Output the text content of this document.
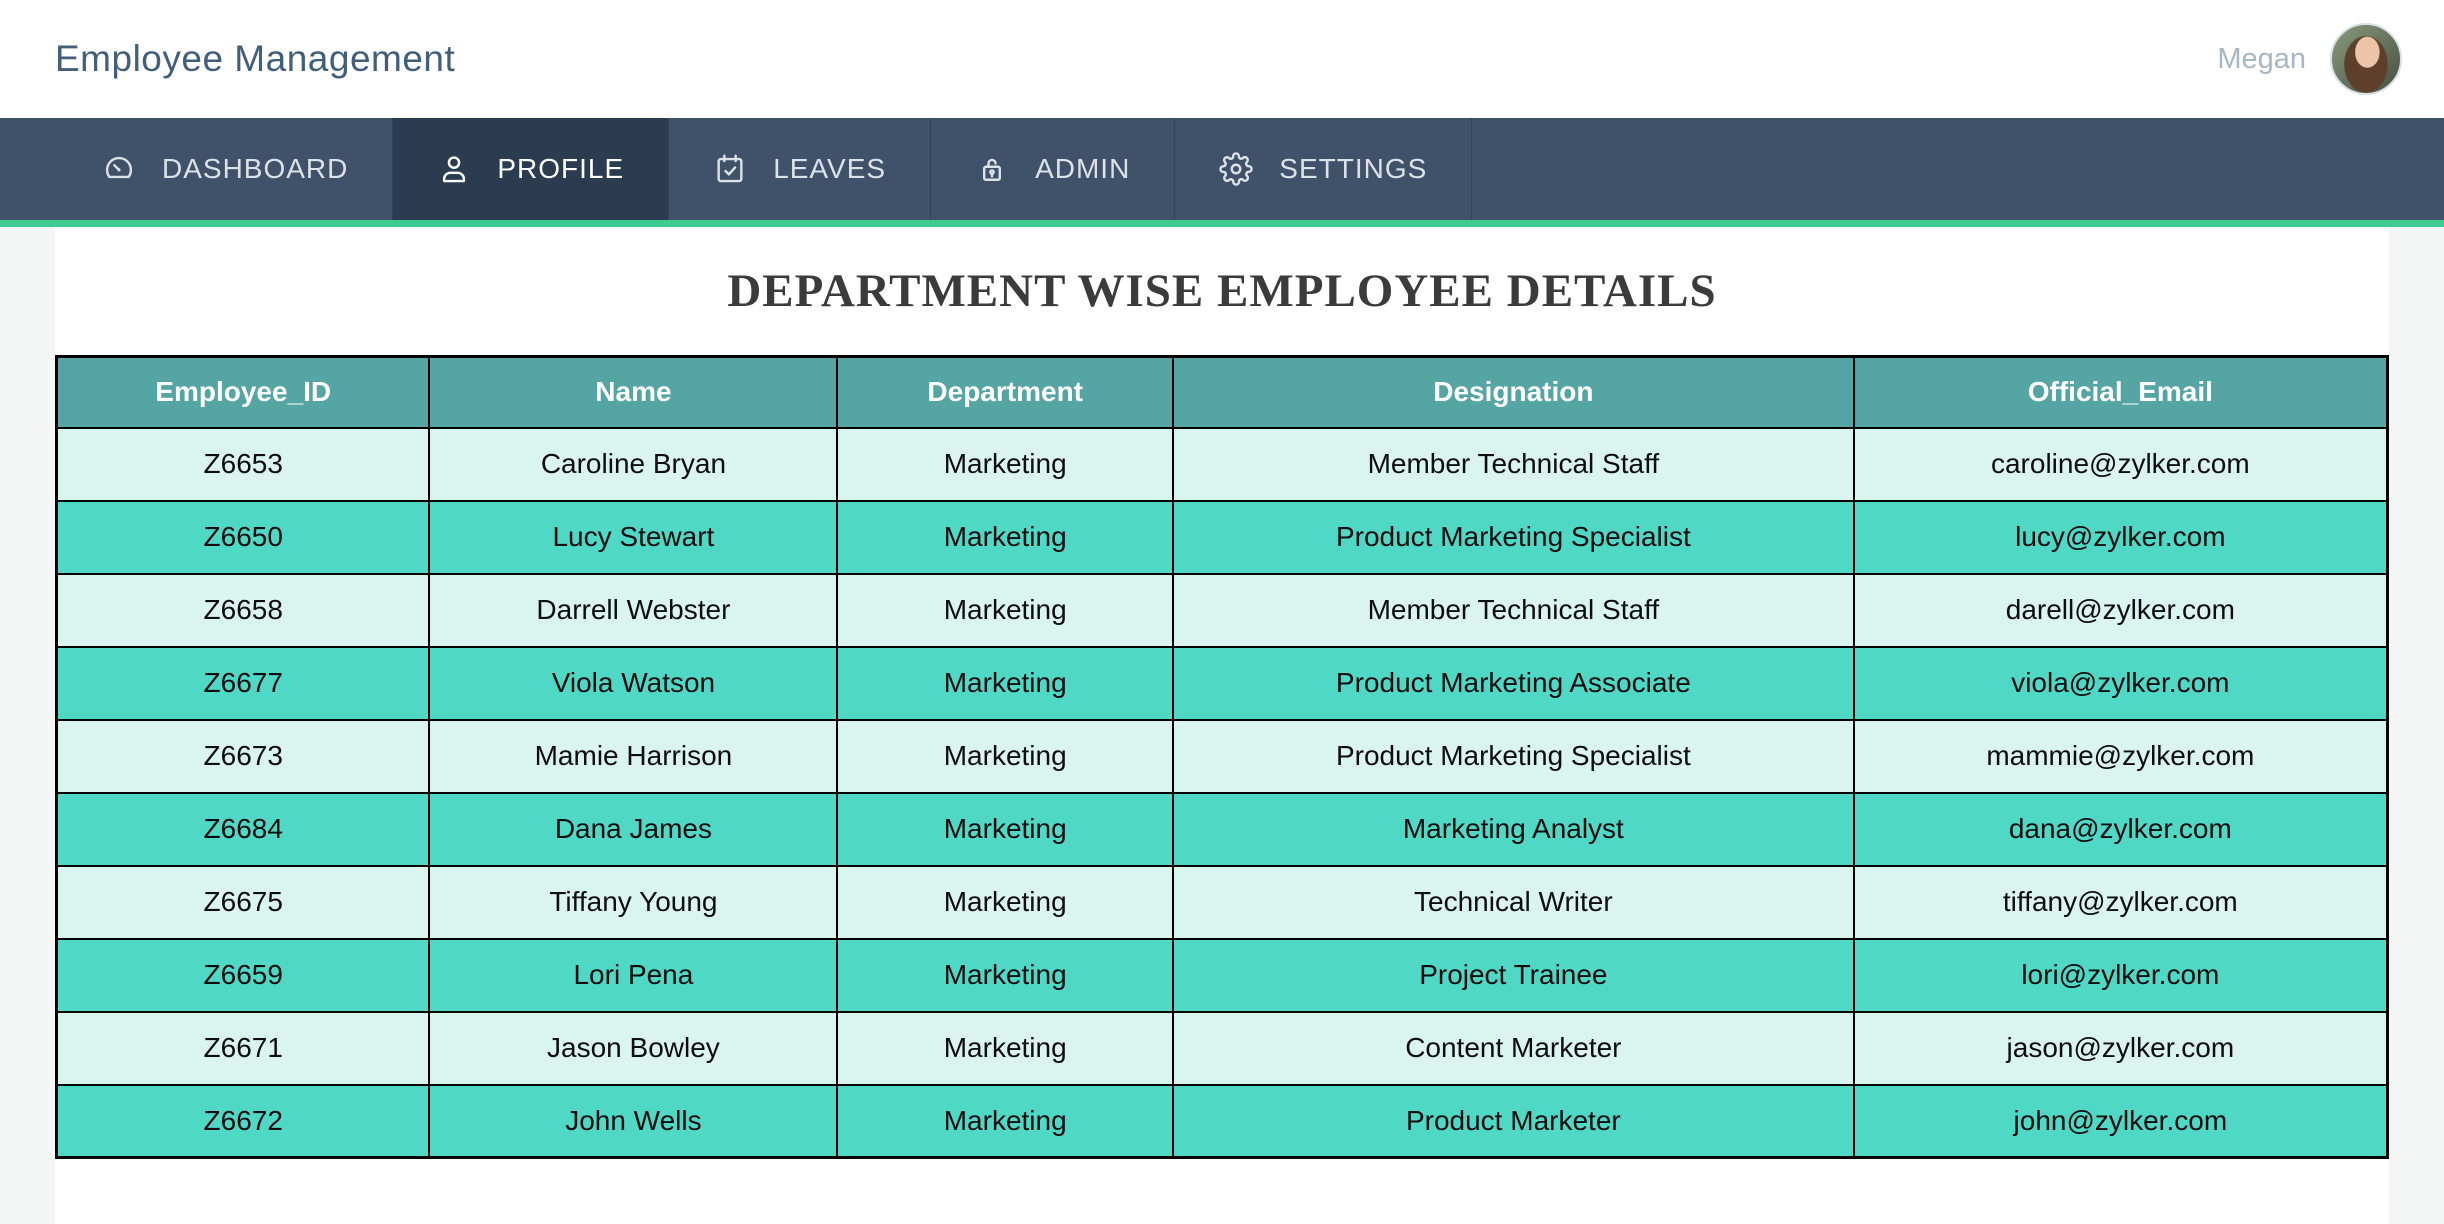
Employee Management	Megan
DASHBOARD	PROFILE	LEAVES	ADMIN	SETTINGS
DEPARTMENT WISE EMPLOYEE DETAILS
Employee_ID	Name	Department	Designation	Official_Email
Z6653	Caroline Bryan	Marketing	Member Technical Staff	caroline@zylker.com
Z6650	Lucy Stewart	Marketing	Product Marketing Specialist	lucy@zylker.com
Z6658	Darrell Webster	Marketing	Member Technical Staff	darell@zylker.com
Z6677	Viola Watson	Marketing	Product Marketing Associate	viola@zylker.com
Z6673	Mamie Harrison	Marketing	Product Marketing Specialist	mammie@zylker.com
Z6684	Dana James	Marketing	Marketing Analyst	dana@zylker.com
Z6675	Tiffany Young	Marketing	Technical Writer	tiffany@zylker.com
Z6659	Lori Pena	Marketing	Project Trainee	lori@zylker.com
Z6671	Jason Bowley	Marketing	Content Marketer	jason@zylker.com
Z6672	John Wells	Marketing	Product Marketer	john@zylker.com
